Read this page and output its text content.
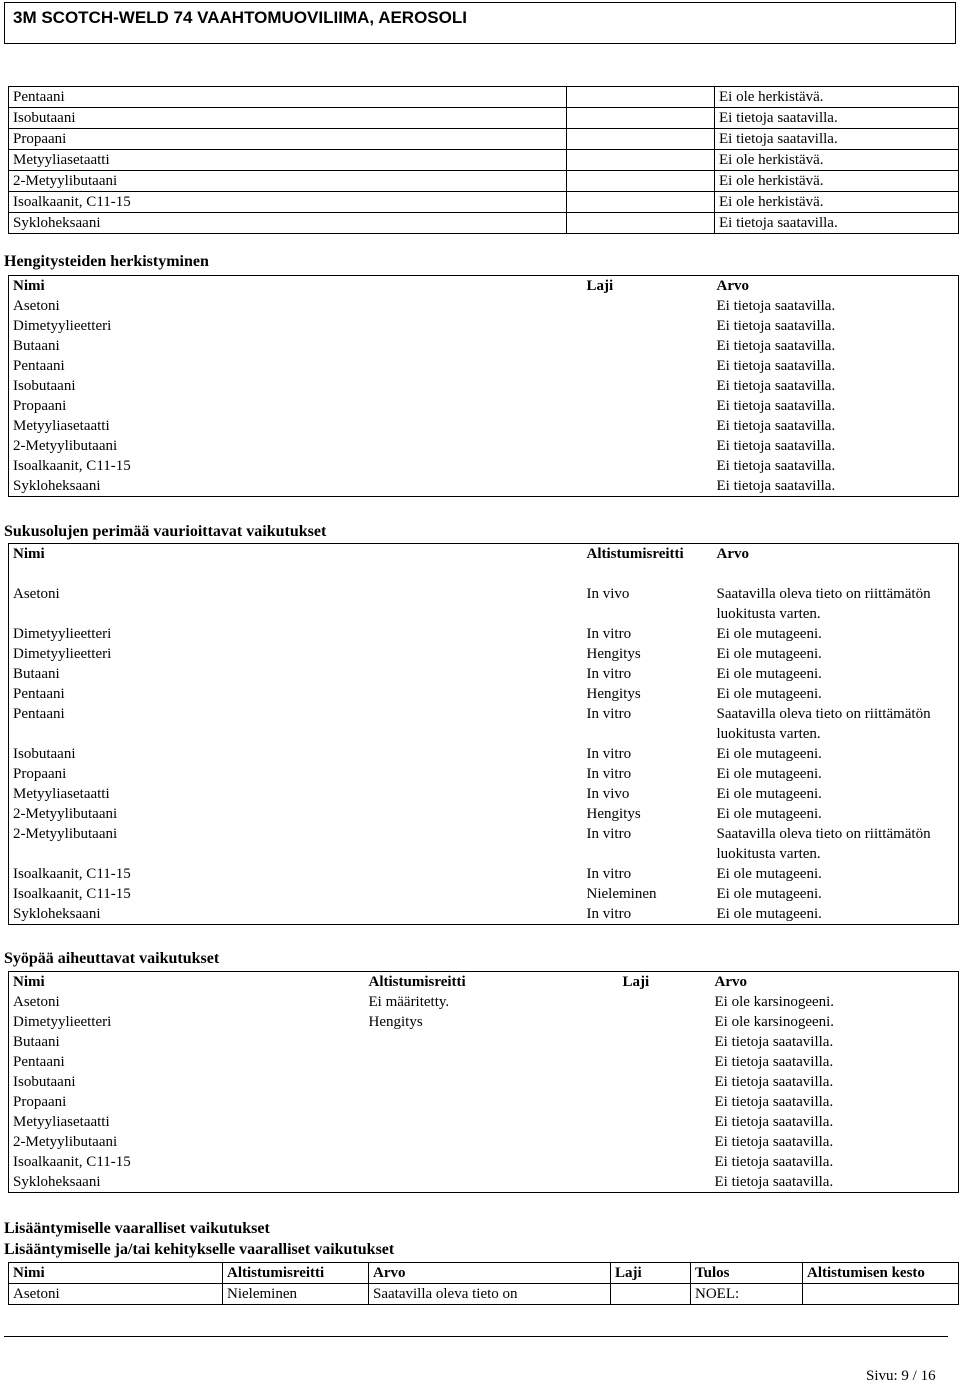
3M SCOTCH-WELD 74 VAAHTOMUOVILIIMA, AEROSOLI
Pentaani		Ei ole herkistävä.
Isobutaani		Ei tietoja saatavilla.
Propaani		Ei tietoja saatavilla.
Metyyliasetaatti		Ei ole herkistävä.
2-Metyylibutaani		Ei ole herkistävä.
Isoalkaanit, C11-15		Ei ole herkistävä.
Sykloheksaani		Ei tietoja saatavilla.
Hengitysteiden herkistyminen
Nimi	Laji	Arvo
Asetoni		Ei tietoja saatavilla.
Dimetyylieetteri		Ei tietoja saatavilla.
Butaani		Ei tietoja saatavilla.
Pentaani		Ei tietoja saatavilla.
Isobutaani		Ei tietoja saatavilla.
Propaani		Ei tietoja saatavilla.
Metyyliasetaatti		Ei tietoja saatavilla.
2-Metyylibutaani		Ei tietoja saatavilla.
Isoalkaanit, C11-15		Ei tietoja saatavilla.
Sykloheksaani		Ei tietoja saatavilla.
Sukusolujen perimää vaurioittavat vaikutukset
Nimi	Altistumisreitti	Arvo
Asetoni	In vivo	Saatavilla oleva tieto on riittämätön luokitusta varten.
Dimetyylieetteri	In vitro	Ei ole mutageeni.
Dimetyylieetteri	Hengitys	Ei ole mutageeni.
Butaani	In vitro	Ei ole mutageeni.
Pentaani	Hengitys	Ei ole mutageeni.
Pentaani	In vitro	Saatavilla oleva tieto on riittämätön luokitusta varten.
Isobutaani	In vitro	Ei ole mutageeni.
Propaani	In vitro	Ei ole mutageeni.
Metyyliasetaatti	In vivo	Ei ole mutageeni.
2-Metyylibutaani	Hengitys	Ei ole mutageeni.
2-Metyylibutaani	In vitro	Saatavilla oleva tieto on riittämätön luokitusta varten.
Isoalkaanit, C11-15	In vitro	Ei ole mutageeni.
Isoalkaanit, C11-15	Nieleminen	Ei ole mutageeni.
Sykloheksaani	In vitro	Ei ole mutageeni.
Syöpää aiheuttavat vaikutukset
Nimi	Altistumisreitti	Laji	Arvo
Asetoni	Ei määritetty.		Ei ole karsinogeeni.
Dimetyylieetteri	Hengitys		Ei ole karsinogeeni.
Butaani			Ei tietoja saatavilla.
Pentaani			Ei tietoja saatavilla.
Isobutaani			Ei tietoja saatavilla.
Propaani			Ei tietoja saatavilla.
Metyyliasetaatti			Ei tietoja saatavilla.
2-Metyylibutaani			Ei tietoja saatavilla.
Isoalkaanit, C11-15			Ei tietoja saatavilla.
Sykloheksaani			Ei tietoja saatavilla.
Lisääntymiselle vaaralliset vaikutukset
Lisääntymiselle ja/tai kehitykselle vaaralliset vaikutukset
Nimi	Altistumisreitti	Arvo	Laji	Tulos	Altistumisen kesto
Asetoni	Nieleminen	Saatavilla oleva tieto on		NOEL:	
Sivu: 9 / 16
